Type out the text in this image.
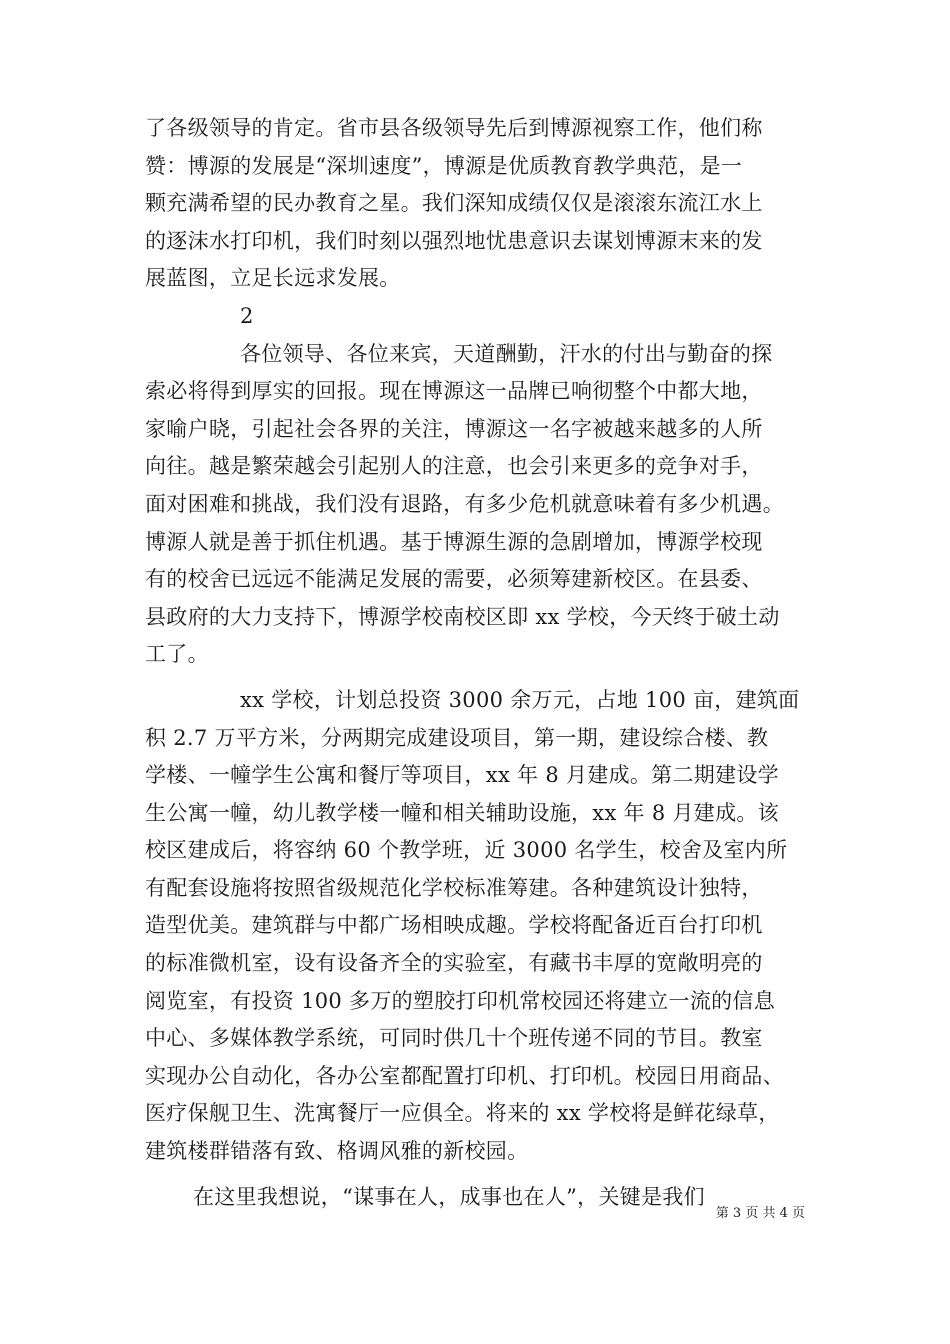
了各级领导的肯定。省市县各级领导先后到博源视察工作，他们称
赞：博源的发展是“深圳速度”，博源是优质教育教学典范，是一
颗充满希望的民办教育之星。我们深知成绩仅仅是滚滚东流江水上
的逐沫水打印机，我们时刻以强烈地忧患意识去谋划博源末来的发
展蓝图，立足长远求发展。
2
各位领导、各位来宾，天道酬勤，汗水的付出与勤奋的探
索必将得到厚实的回报。现在博源这一品牌已响彻整个中都大地，
家喻户晓，引起社会各界的关注，博源这一名字被越来越多的人所
向往。越是繁荣越会引起别人的注意，也会引来更多的竞争对手，
面对困难和挑战，我们没有退路，有多少危机就意味着有多少机遇。
博源人就是善于抓住机遇。基于博源生源的急剧增加，博源学校现
有的校舍已远远不能满足发展的需要，必须筹建新校区。在县委、
县政府的大力支持下，博源学校南校区即 xx 学校，今天终于破土动
工了。
xx 学校，计划总投资 3000 余万元，占地 100 亩，建筑面
积 2.7 万平方米，分两期完成建设项目，第一期，建设综合楼、教
学楼、一幢学生公寓和餐厅等项目，xx 年 8 月建成。第二期建设学
生公寓一幢，幼儿教学楼一幢和相关辅助设施，xx 年 8 月建成。该
校区建成后，将容纳 60 个教学班，近 3000 名学生，校舍及室内所
有配套设施将按照省级规范化学校标准筹建。各种建筑设计独特，
造型优美。建筑群与中都广场相映成趣。学校将配备近百台打印机
的标准微机室，设有设备齐全的实验室，有藏书丰厚的宽敞明亮的
阅览室，有投资 100 多万的塑胶打印机常校园还将建立一流的信息
中心、多媒体教学系统，可同时供几十个班传递不同的节目。教室
实现办公自动化，各办公室都配置打印机、打印机。校园日用商品、
医疗保舰卫生、洗寓餐厅一应俱全。将来的 xx 学校将是鲜花绿草，
建筑楼群错落有致、格调风雅的新校园。
在这里我想说，“谋事在人，成事也在人”，关键是我们
第 3 页 共 4 页
